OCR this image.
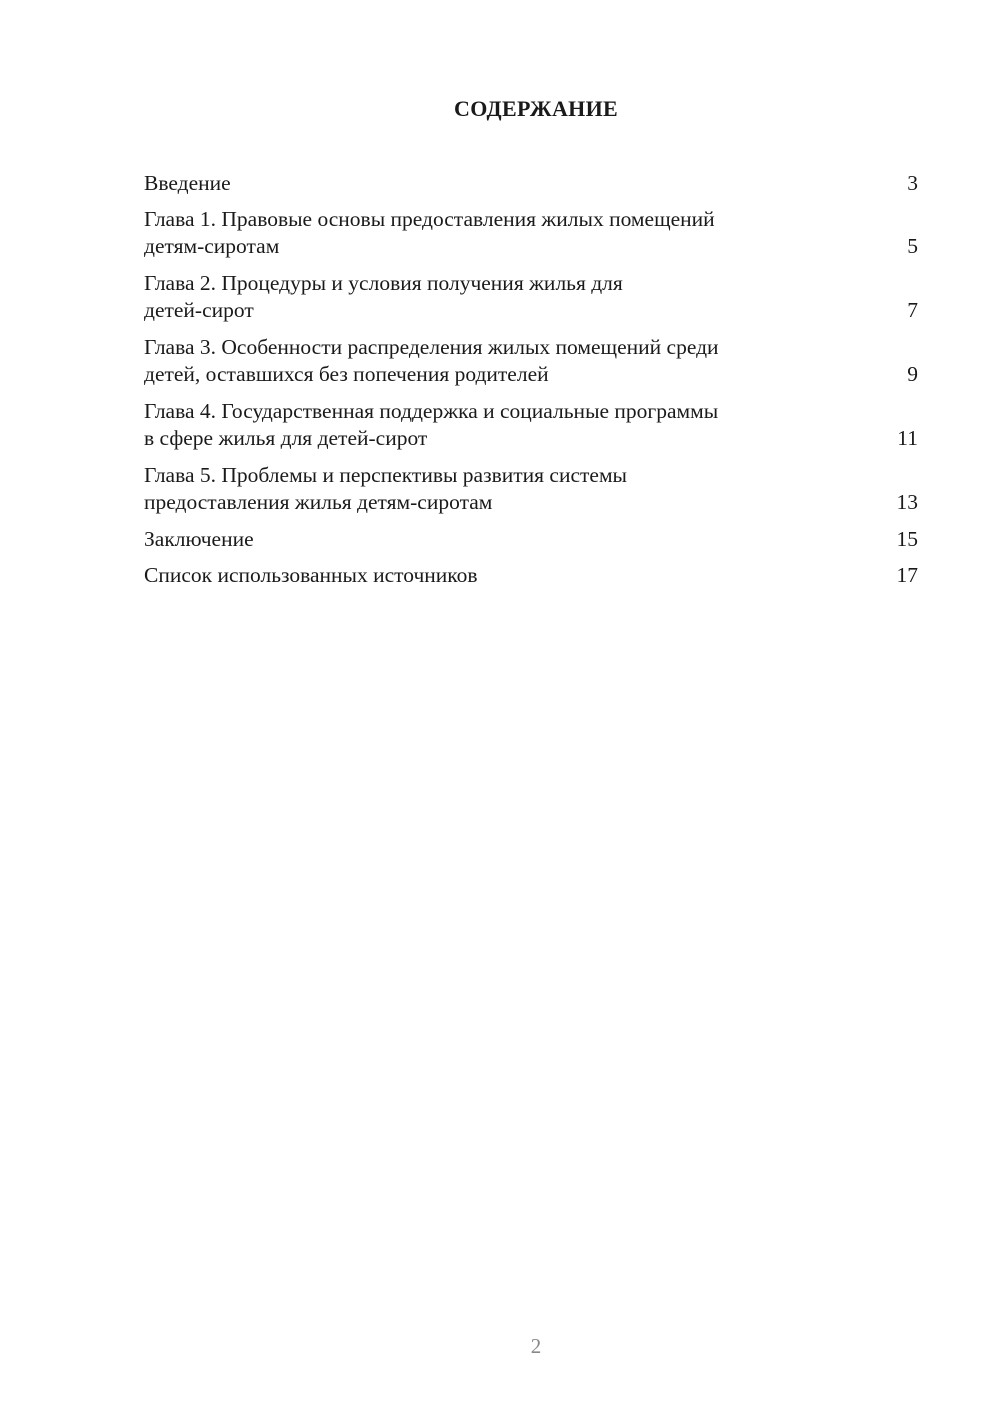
СОДЕРЖАНИЕ
Введение	3
Глава 1. Правовые основы предоставления жилых помещений
детям-сиротам	5
Глава 2. Процедуры и условия получения жилья для
детей-сирот	7
Глава 3. Особенности распределения жилых помещений среди
детей, оставшихся без попечения родителей	9
Глава 4. Государственная поддержка и социальные программы
в сфере жилья для детей-сирот	11
Глава 5. Проблемы и перспективы развития системы
предоставления жилья детям-сиротам	13
Заключение	15
Список использованных источников	17
2
